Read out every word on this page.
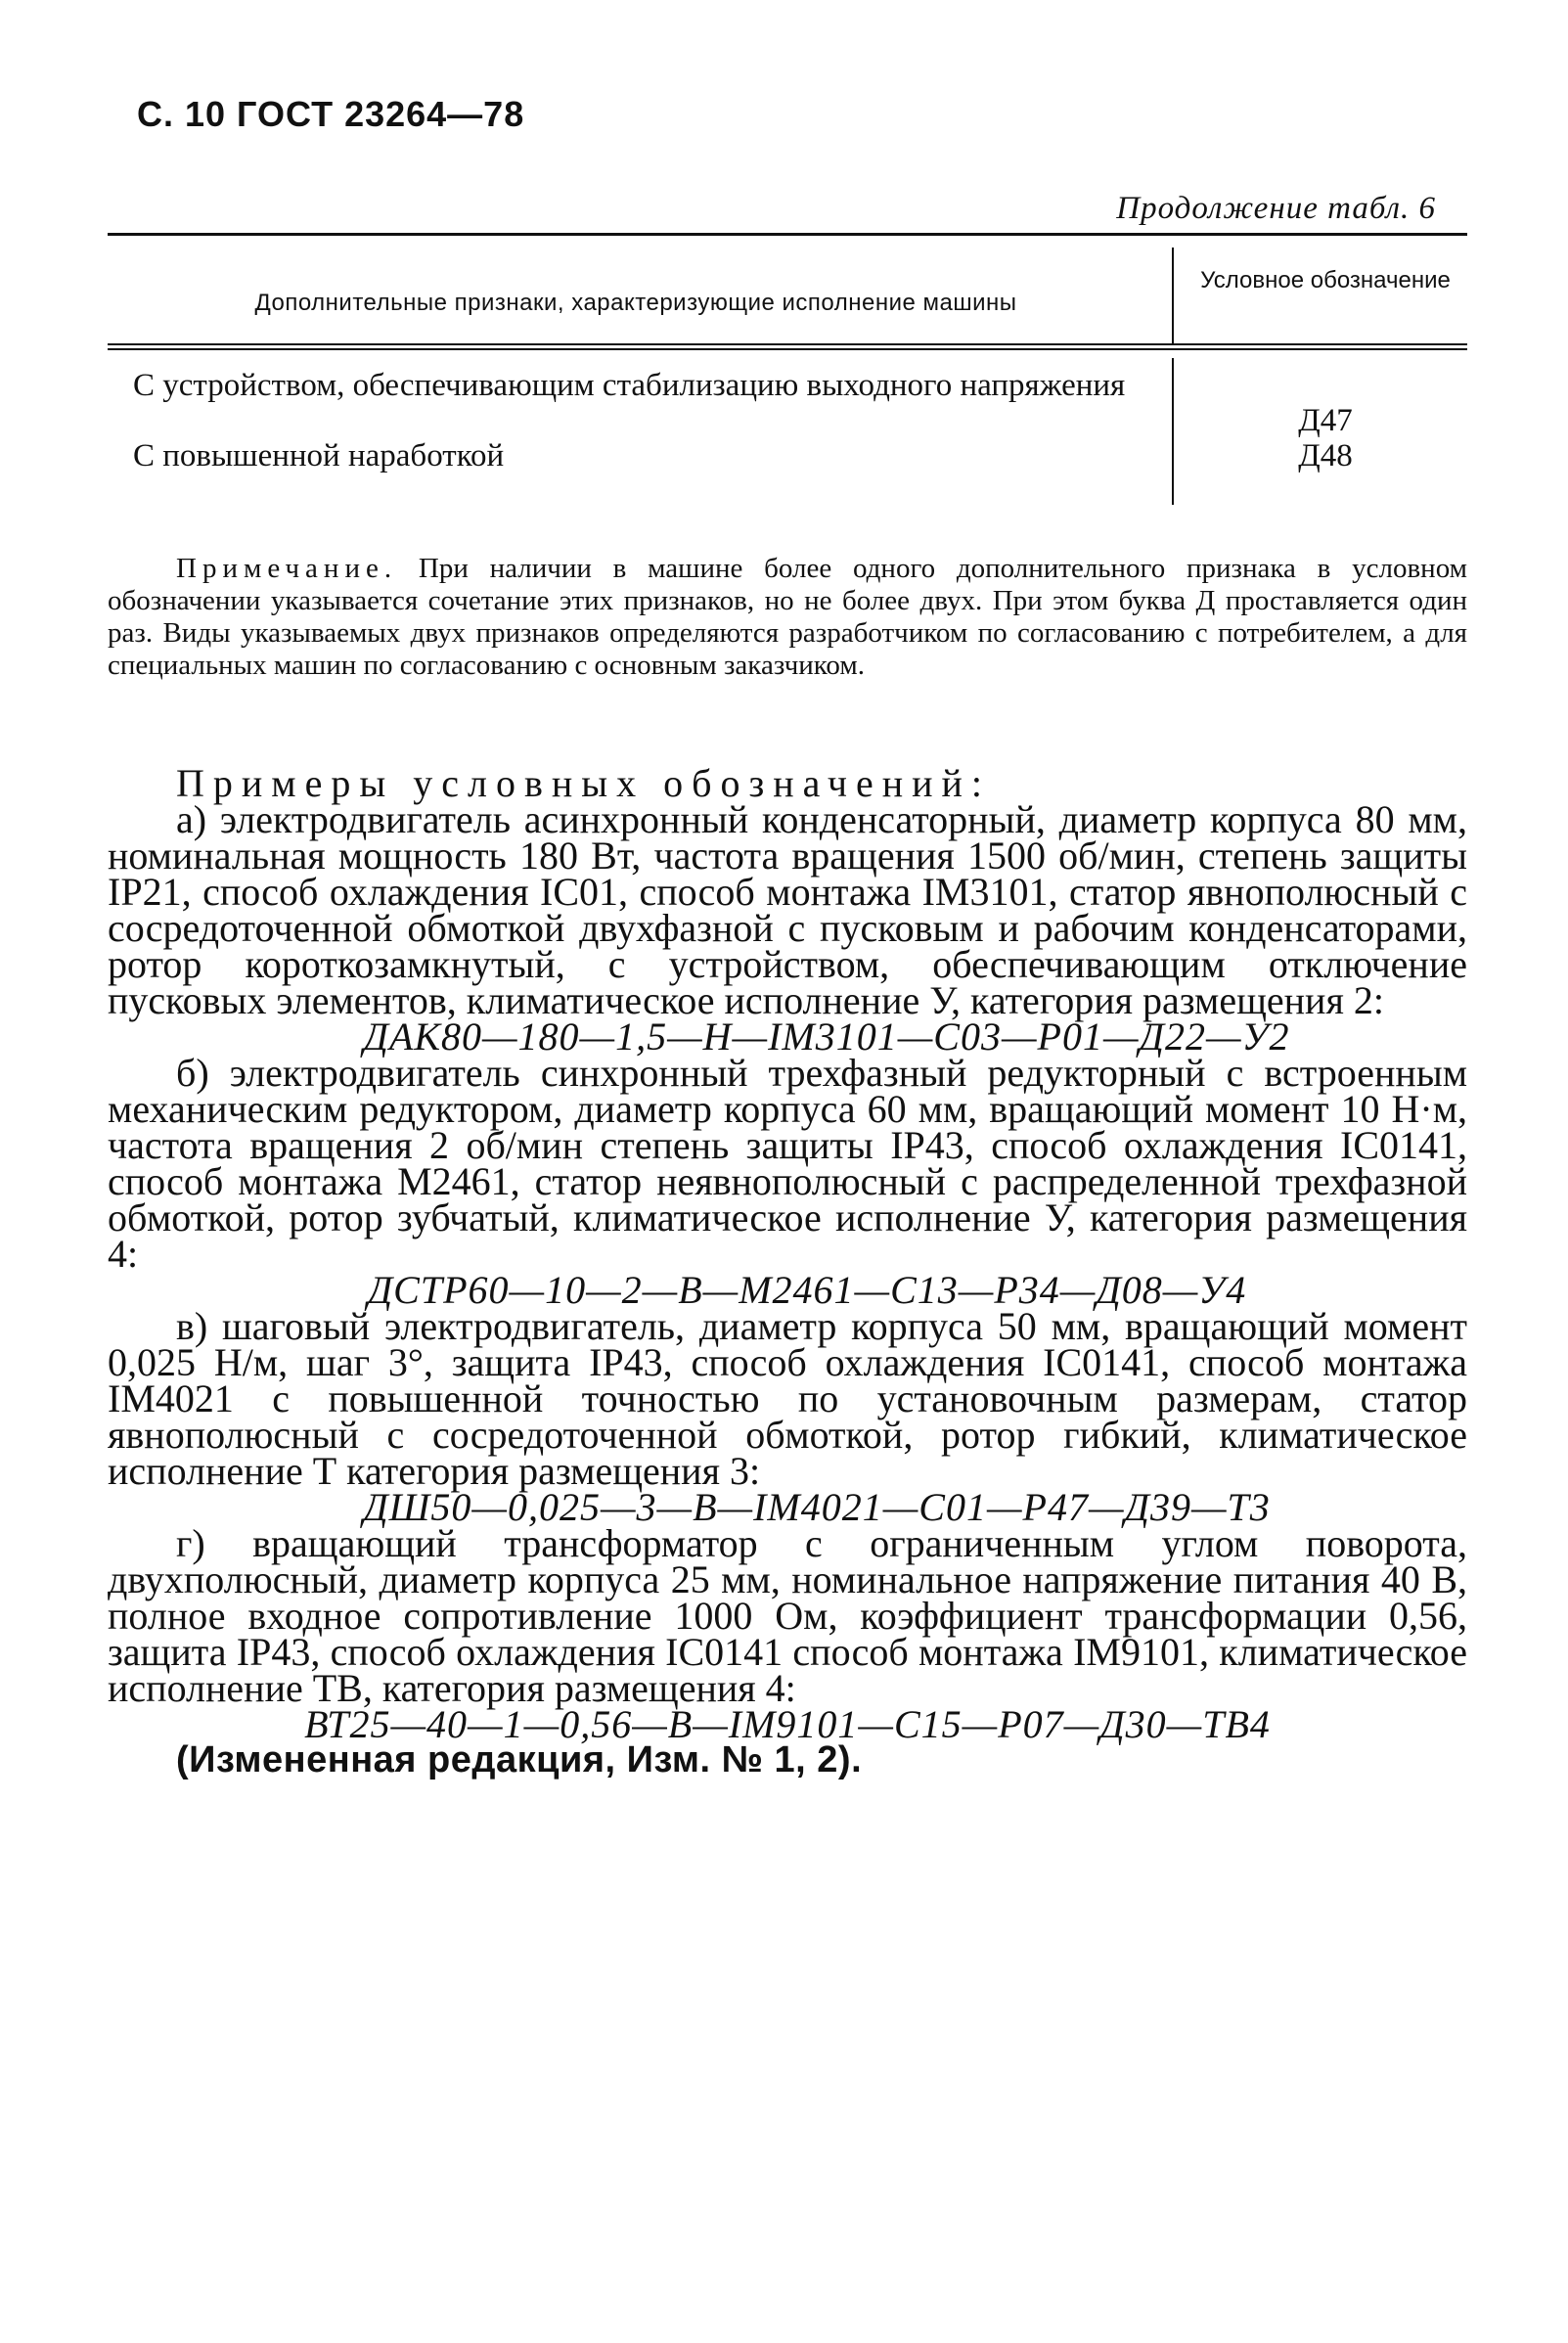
С. 10 ГОСТ 23264—78
Продолжение табл. 6
Дополнительные признаки, характеризующие исполнение машины
Условное обозначение
С устройством, обеспечивающим стабилизацию выходного напряжения
Д47
С повышенной наработкой	Д48
Примечание. При наличии в машине более одного дополнительного признака в условном обозначении указывается сочетание этих признаков, но не более двух. При этом буква Д проставляется один раз. Виды указываемых двух признаков определяются разработчиком по согласованию с потребителем, а для специальных машин по согласованию с основным заказчиком.

Примеры условных обозначений:

а) электродвигатель асинхронный конденсаторный, диаметр корпуса 80 мм, номинальная мощность 180 Вт, частота вращения 1500 об/мин, степень защиты IP21, способ охлаждения IC01, способ монтажа IM3101, статор явнополюсный с сосредоточенной обмоткой двухфазной с пусковым и рабочим конденсаторами, ротор короткозамкнутый, с устройством, обеспечивающим отключение пусковых элементов, климатическое исполнение У, категория размещения 2:

ДАК80—180—1,5—Н—IM3101—С03—Р01—Д22—У2

б) электродвигатель синхронный трехфазный редукторный с встроенным механическим редуктором, диаметр корпуса 60 мм, вращающий момент 10 Н·м, частота вращения 2 об/мин степень защиты IP43, способ охлаждения IC0141, способ монтажа М2461, статор неявнополюсный с распределенной трехфазной обмоткой, ротор зубчатый, климатическое исполнение У, категория размещения 4:

ДСТР60—10—2—В—М2461—С13—Р34—Д08—У4

в) шаговый электродвигатель, диаметр корпуса 50 мм, вращающий момент 0,025 Н/м, шаг 3°, защита IP43, способ охлаждения IC0141, способ монтажа IM4021 с повышенной точностью по установочным размерам, статор явнополюсный с сосредоточенной обмоткой, ротор гибкий, климатическое исполнение Т категория размещения 3:

ДШ50—0,025—3—В—IM4021—С01—Р47—Д39—Т3

г) вращающий трансформатор с ограниченным углом поворота, двухполюсный, диаметр корпуса 25 мм, номинальное напряжение питания 40 В, полное входное сопротивление 1000 Ом, коэффициент трансформации 0,56, защита IP43, способ охлаждения IC0141 способ монтажа IM9101, климатическое исполнение ТВ, категория размещения 4:

ВТ25—40—1—0,56—В—IM9101—С15—Р07—Д30—ТВ4

(Измененная редакция, Изм. № 1, 2).
